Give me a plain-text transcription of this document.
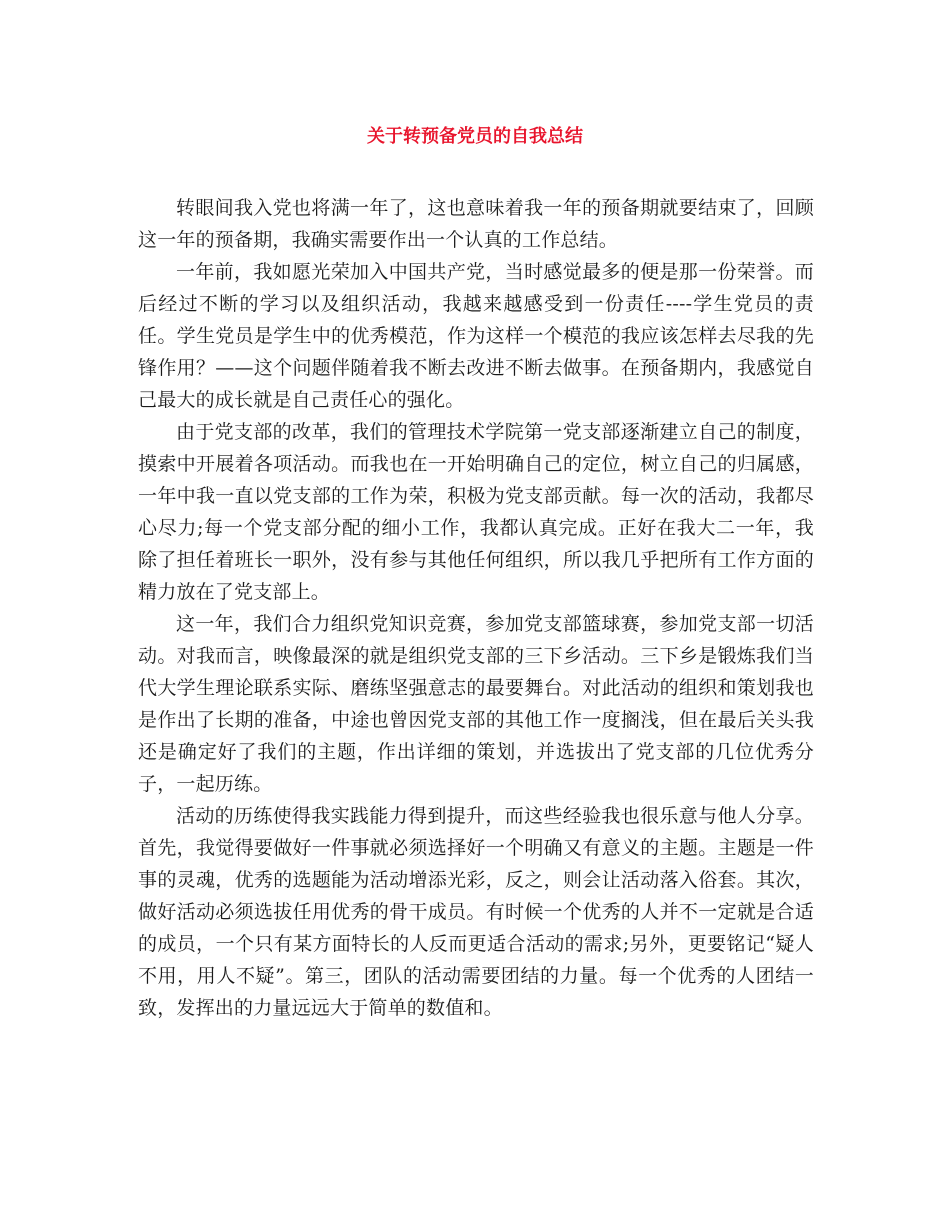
关于转预备党员的自我总结

转眼间我入党也将满一年了，这也意味着我一年的预备期就要结束了，回顾这一年的预备期，我确实需要作出一个认真的工作总结。

一年前，我如愿光荣加入中国共产党，当时感觉最多的便是那一份荣誉。而后经过不断的学习以及组织活动，我越来越感受到一份责任----学生党员的责任。学生党员是学生中的优秀模范，作为这样一个模范的我应该怎样去尽我的先锋作用？——这个问题伴随着我不断去改进不断去做事。在预备期内，我感觉自己最大的成长就是自己责任心的强化。

由于党支部的改革，我们的管理技术学院第一党支部逐渐建立自己的制度，摸索中开展着各项活动。而我也在一开始明确自己的定位，树立自己的归属感，一年中我一直以党支部的工作为荣，积极为党支部贡献。每一次的活动，我都尽心尽力;每一个党支部分配的细小工作，我都认真完成。正好在我大二一年，我除了担任着班长一职外，没有参与其他任何组织，所以我几乎把所有工作方面的精力放在了党支部上。

这一年，我们合力组织党知识竞赛，参加党支部篮球赛，参加党支部一切活动。对我而言，映像最深的就是组织党支部的三下乡活动。三下乡是锻炼我们当代大学生理论联系实际、磨练坚强意志的最要舞台。对此活动的组织和策划我也是作出了长期的准备，中途也曾因党支部的其他工作一度搁浅，但在最后关头我还是确定好了我们的主题，作出详细的策划，并选拔出了党支部的几位优秀分子，一起历练。

活动的历练使得我实践能力得到提升，而这些经验我也很乐意与他人分享。首先，我觉得要做好一件事就必须选择好一个明确又有意义的主题。主题是一件事的灵魂，优秀的选题能为活动增添光彩，反之，则会让活动落入俗套。其次，做好活动必须选拔任用优秀的骨干成员。有时候一个优秀的人并不一定就是合适的成员，一个只有某方面特长的人反而更适合活动的需求;另外，更要铭记“疑人不用，用人不疑”。第三，团队的活动需要团结的力量。每一个优秀的人团结一致，发挥出的力量远远大于简单的数值和。
